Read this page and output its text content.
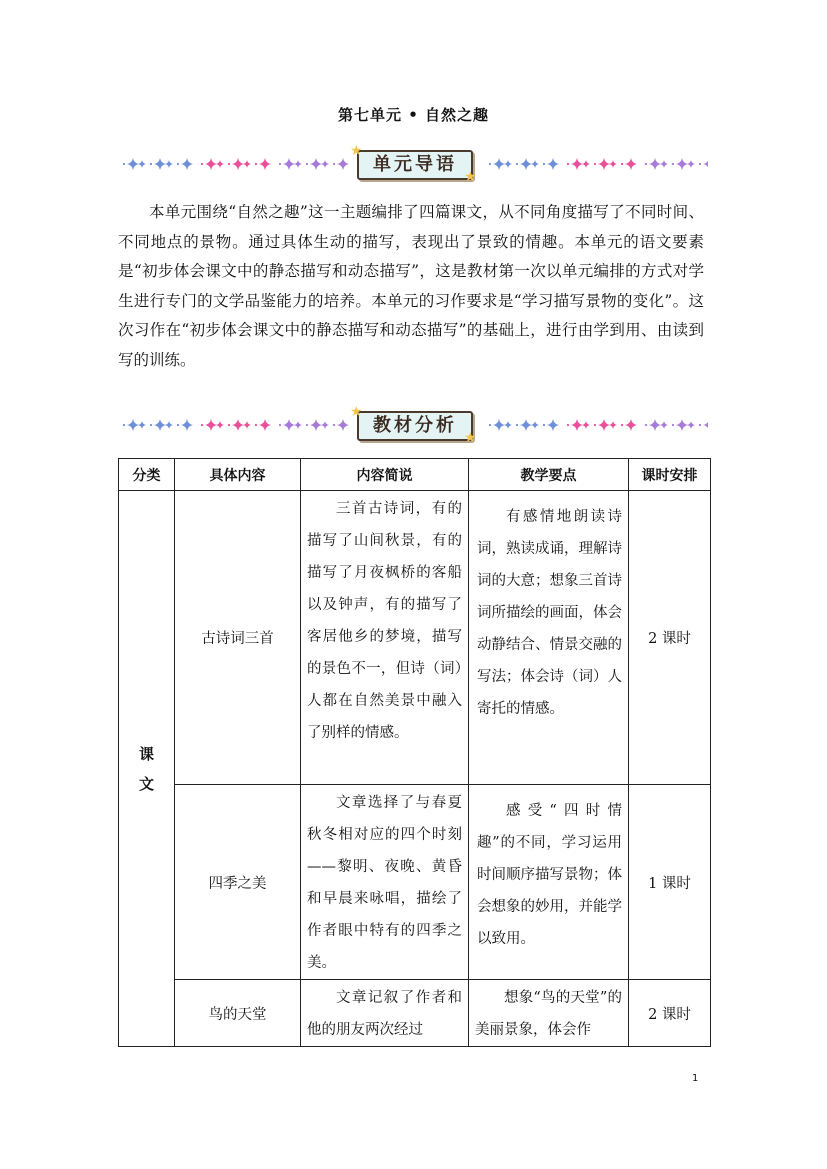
第七单元 • 自然之趣
单元导语
★
★
本单元围绕“自然之趣”这一主题编排了四篇课文，从不同角度描写了不同时间、不同地点的景物。通过具体生动的描写，表现出了景致的情趣。本单元的语文要素是“初步体会课文中的静态描写和动态描写”，这是教材第一次以单元编排的方式对学生进行专门的文学品鉴能力的培养。本单元的习作要求是“学习描写景物的变化”。这次习作在“初步体会课文中的静态描写和动态描写”的基础上，进行由学到用、由读到写的训练。
教材分析
★
★
分类	具体内容	内容简说	教学要点	课时安排
课
文	古诗词三首	三首古诗词，有的描写了山间秋景，有的描写了月夜枫桥的客船以及钟声，有的描写了客居他乡的梦境，描写的景色不一，但诗（词）人都在自然美景中融入了别样的情感。	有感情地朗读诗词，熟读成诵，理解诗词的大意；想象三首诗词所描绘的画面，体会动静结合、情景交融的写法；体会诗（词）人寄托的情感。	2 课时
	四季之美	文章选择了与春夏秋冬相对应的四个时刻——黎明、夜晚、黄昏和早晨来咏唱，描绘了作者眼中特有的四季之美。	感受“四时情趣”的不同，学习运用时间顺序描写景物；体会想象的妙用，并能学以致用。	1 课时
	鸟的天堂	文章记叙了作者和他的朋友两次经过	想象“鸟的天堂”的美丽景象，体会作	2 课时
1
